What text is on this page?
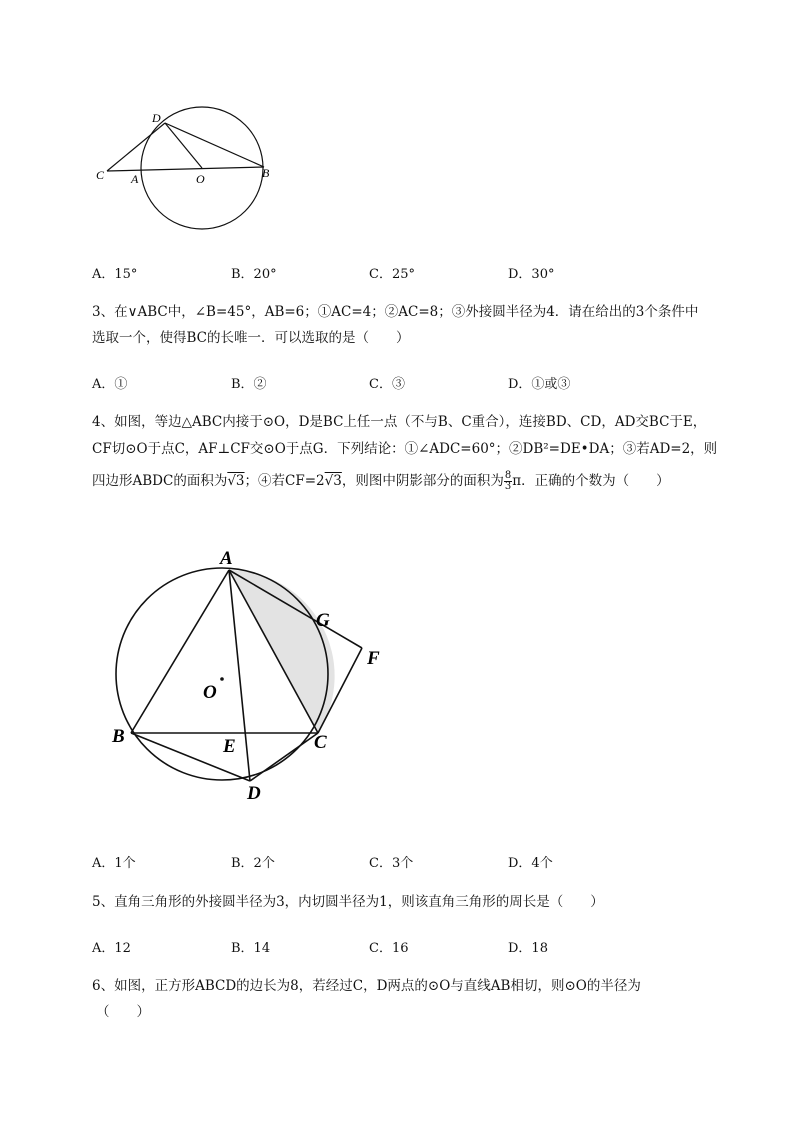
D
C A	O	B
A．15°	B．20°	C．25°	D．30°
3、在∨ABC中，∠B=45°，AB=6；①AC=4；②AC=8；③外接圆半径为4．请在给出的3个条件中
选取一个，使得BC的长唯一．可以选取的是（　　）
A．①	B．②	C．③	D．①或③
4、如图，等边△ABC内接于⊙O，D是BC上任一点（不与B、C重合），连接BD、CD，AD交BC于E，
CF切⊙O于点C，AF⊥CF交⊙O于点G．下列结论：①∠ADC=60°；②DB²=DE•DA；③若AD=2，则
四边形ABDC的面积为√3；④若CF=2√3，则图中阴影部分的面积为 $\frac{8}{3}$ π．正确的个数为（　　）
A
G
F
O
B	E	C
D
A．1个	B．2个	C．3个	D．4个
5、直角三角形的外接圆半径为3，内切圆半径为1，则该直角三角形的周长是（　　）
A．12	B．14	C．16	D．18
6、如图，正方形ABCD的边长为8，若经过C，D两点的⊙O与直线AB相切，则⊙O的半径为
（　　）
